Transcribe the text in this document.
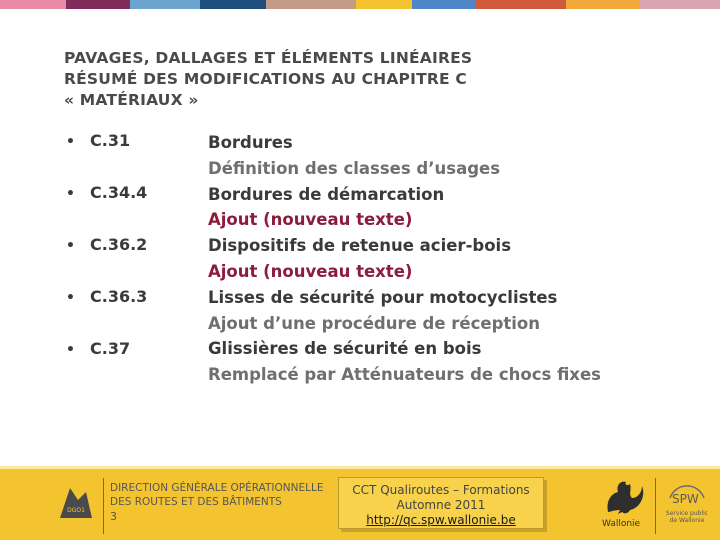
PAVAGES, DALLAGES ET ÉLÉMENTS LINÉAIRES
RÉSUMÉ DES MODIFICATIONS AU CHAPITRE C
« MATÉRIAUX »
• C.31
• C.34.4
• C.36.2
• C.36.3
• C.37
Bordures
Définition des classes d’usages
Bordures de démarcation
Ajout (nouveau texte)
Dispositifs de retenue acier-bois
Ajout (nouveau texte)
Lisses de sécurité pour motocyclistes
Ajout d’une procédure de réception
Glissières de sécurité en bois
Remplacé par Atténuateurs de chocs fixes
DGO1
DIRECTION GÉNÉRALE OPÉRATIONNELLE
DES ROUTES ET DES BÂTIMENTS
3
CCT Qualiroutes – Formations
Automne 2011
http://qc.spw.wallonie.be	Wallonie
SPW
Service public
de Wallonie
